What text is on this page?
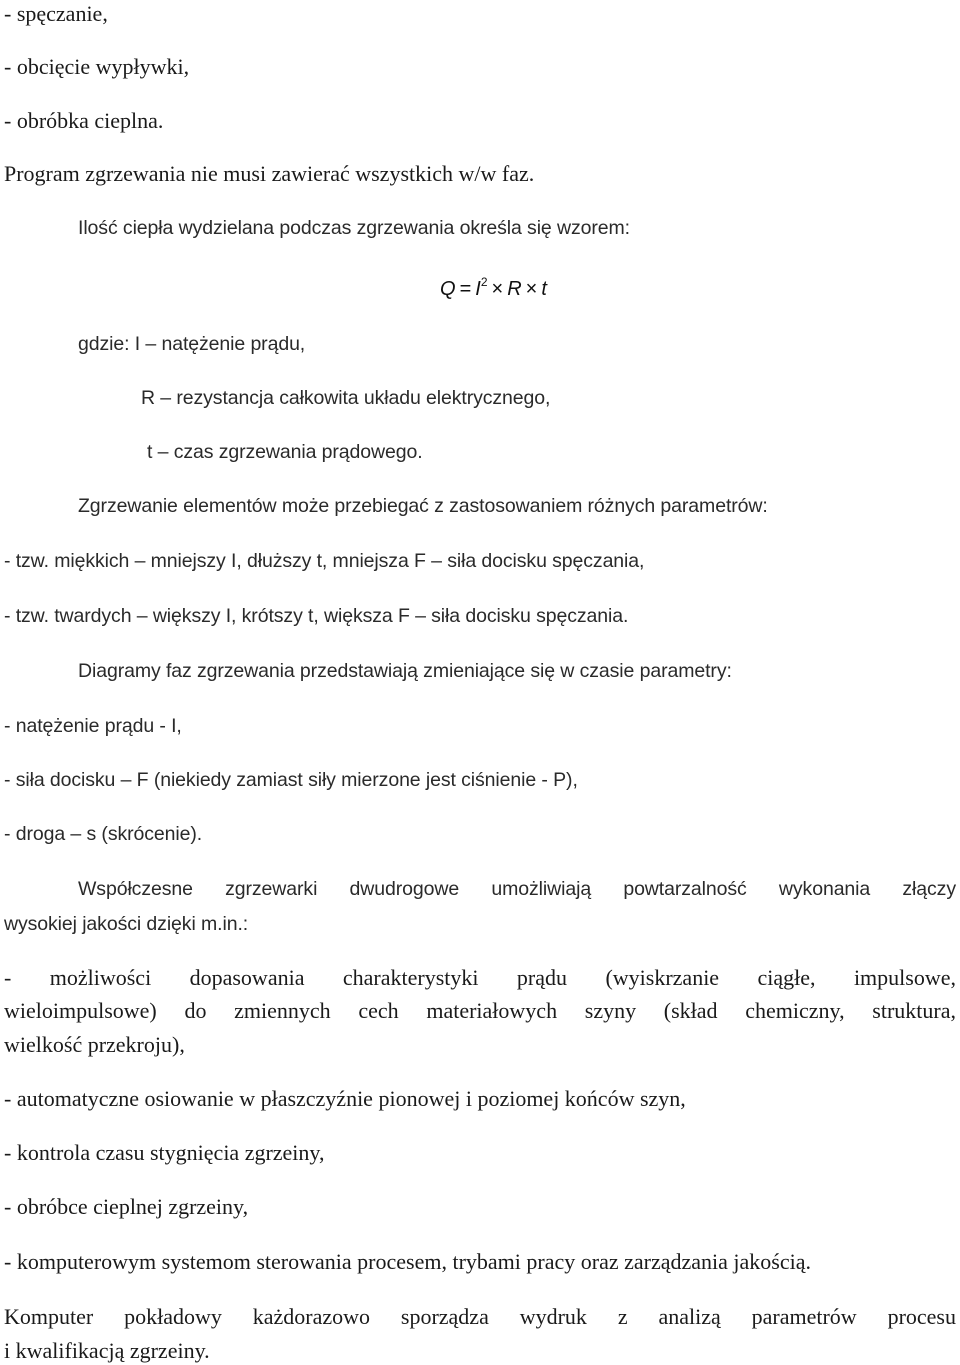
- spęczanie,

- obcięcie wypływki,

- obróbka cieplna.

Program zgrzewania nie musi zawierać wszystkich w/w faz.

Ilość ciepła wydzielana podczas zgrzewania określa się wzorem:

$Q = I^2 \times R \times t$

gdzie: I – natężenie prądu,

R – rezystancja całkowita układu elektrycznego,

t – czas zgrzewania prądowego.

Zgrzewanie elementów może przebiegać z zastosowaniem różnych parametrów:

- tzw. miękkich – mniejszy I, dłuższy t, mniejsza F – siła docisku spęczania,

- tzw. twardych – większy I, krótszy t, większa F – siła docisku spęczania.

Diagramy faz zgrzewania przedstawiają zmieniające się w czasie parametry:

- natężenie prądu - I,

- siła docisku – F (niekiedy zamiast siły mierzone jest ciśnienie - P),

- droga – s (skrócenie).

Współczesne zgrzewarki dwudrogowe umożliwiają powtarzalność wykonania złączy

wysokiej jakości dzięki m.in.:

- możliwości dopasowania charakterystyki prądu (wyiskrzanie ciągłe, impulsowe,

wieloimpulsowe) do zmiennych cech materiałowych szyny (skład chemiczny, struktura,

wielkość przekroju),

- automatyczne osiowanie w płaszczyźnie pionowej i poziomej końców szyn,

- kontrola czasu stygnięcia zgrzeiny,

- obróbce cieplnej zgrzeiny,

- komputerowym systemom sterowania procesem, trybami pracy oraz zarządzania jakością.

Komputer pokładowy każdorazowo sporządza wydruk z analizą parametrów procesu

i kwalifikacją zgrzeiny.
